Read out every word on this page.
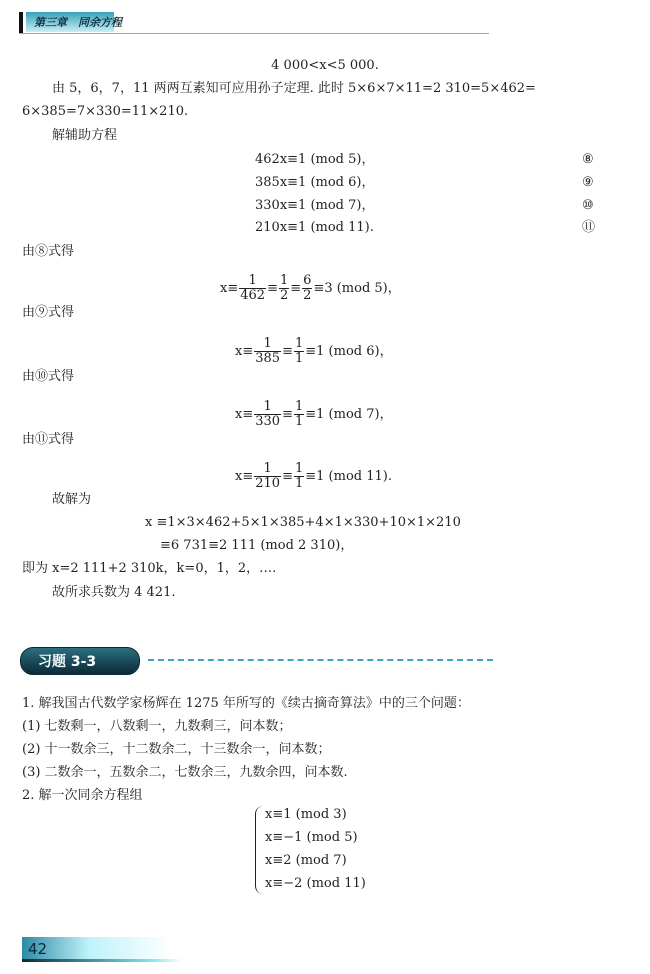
第三章　同余方程
4 000<x<5 000.
由 5，6，7，11 两两互素知可应用孙子定理. 此时 5×6×7×11=2 310=5×462=
6×385=7×330=11×210.
解辅助方程
462x≡1 (mod 5)，	⑧
385x≡1 (mod 6)，	⑨
330x≡1 (mod 7)，	⑩
210x≡1 (mod 11).	⑪
由⑧式得
$x\equiv \frac{1}{462} \equiv \frac{1}{2} \equiv \frac{6}{2} \equiv 3$ (mod 5)，
由⑨式得
$x\equiv \frac{1}{385} \equiv \frac{1}{1} \equiv 1$ (mod 6)，
由⑩式得
$x\equiv \frac{1}{330} \equiv \frac{1}{1} \equiv 1$ (mod 7)，
由⑪式得
$x\equiv \frac{1}{210} \equiv \frac{1}{1} \equiv 1$ (mod 11).
故解为
x ≡1×3×462+5×1×385+4×1×330+10×1×210
≡6 731≡2 111 (mod 2 310)，
即为 x=2 111+2 310k，k=0，1，2，….
故所求兵数为 4 421.
习题 3-3
1. 解我国古代数学家杨辉在 1275 年所写的《续古摘奇算法》中的三个问题：
(1) 七数剩一，八数剩一，九数剩三，问本数；
(2) 十一数余三，十二数余二，十三数余一，问本数；
(3) 二数余一，五数余二，七数余三，九数余四，问本数.
2. 解一次同余方程组
x≡1 (mod 3)
x≡−1 (mod 5)
x≡2 (mod 7)
x≡−2 (mod 11)
42
